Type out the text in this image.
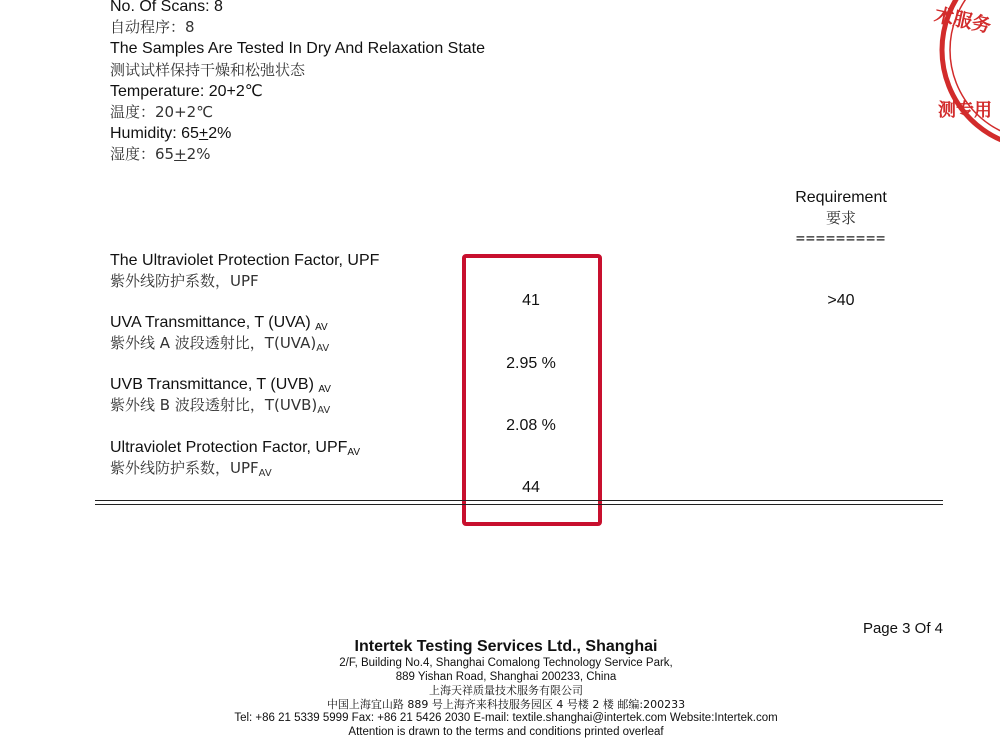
No. Of Scans: 8
自动程序：8
The Samples Are Tested In Dry And Relaxation State
测试试样保持干燥和松弛状态
Temperature: 20+2℃
温度：20+2℃
Humidity: 65+2%
湿度：65+2%
Requirement
要求
=========
The Ultraviolet Protection Factor, UPF
紫外线防护系数，UPF
41	>40
UVA Transmittance, T (UVA) $_{AV}$
紫外线 A 波段透射比，$T(UVA)_{AV}$
2.95 %
UVB Transmittance, T (UVB) $_{AV}$
紫外线 B 波段透射比，$T(UVB)_{AV}$
2.08 %
Ultraviolet Protection Factor, $UPF_{AV}$
紫外线防护系数，$UPF_{AV}$
44
术服务
测专用
Page 3 Of 4
Intertek Testing Services Ltd., Shanghai
2/F, Building No.4, Shanghai Comalong Technology Service Park,
889 Yishan Road, Shanghai 200233, China
上海天祥质量技术服务有限公司
中国上海宜山路 889 号上海齐来科技服务园区 4 号楼 2 楼 邮编:200233
Tel: +86 21 5339 5999 Fax: +86 21 5426 2030 E-mail: textile.shanghai@intertek.com Website:Intertek.com
Attention is drawn to the terms and conditions printed overleaf
